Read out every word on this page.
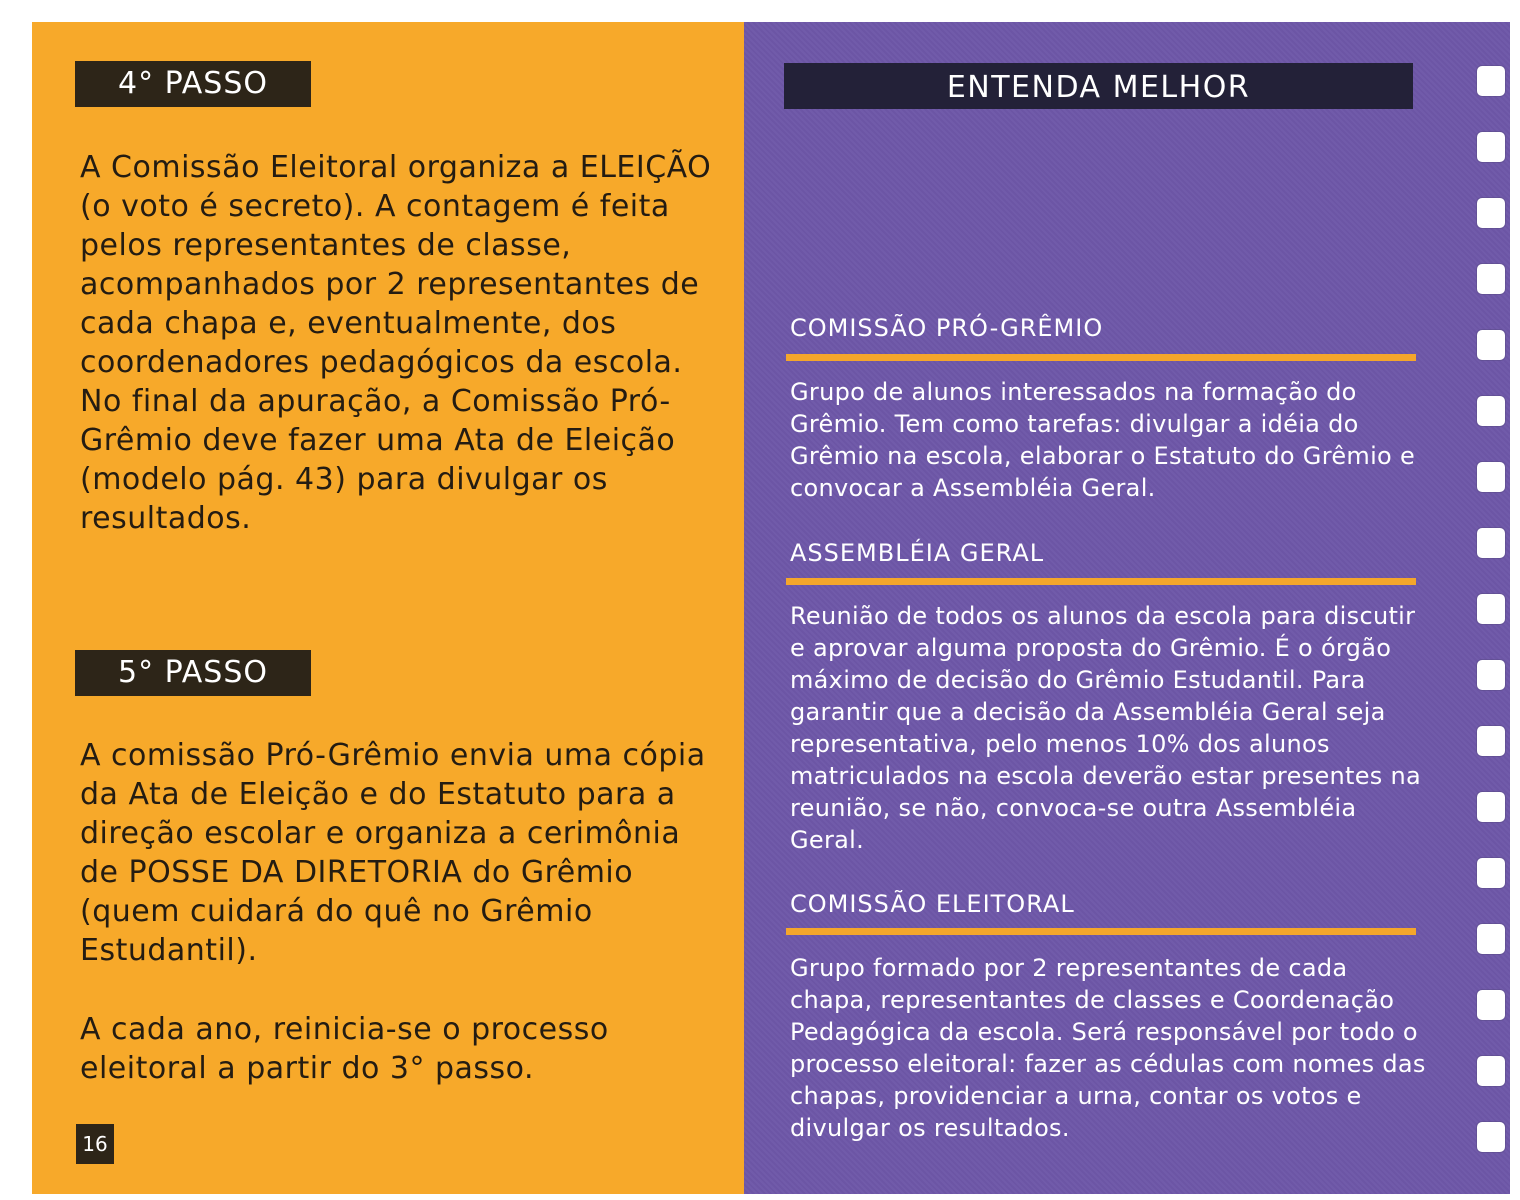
4° PASSO
A Comissão Eleitoral organiza a ELEIÇÃO (o voto é secreto). A contagem é feita pelos representantes de classe, acompanhados por 2 representantes de cada chapa e, eventualmente, dos coordenadores pedagógicos da escola. No final da apuração, a Comissão Pró-Grêmio deve fazer uma Ata de Eleição (modelo pág. 43) para divulgar os resultados.
5° PASSO
A comissão Pró-Grêmio envia uma cópia da Ata de Eleição e do Estatuto para a direção escolar e organiza a cerimônia de POSSE DA DIRETORIA do Grêmio (quem cuidará do quê no Grêmio Estudantil).
A cada ano, reinicia-se o processo eleitoral a partir do 3° passo.
16
ENTENDA MELHOR
COMISSÃO PRÓ-GRÊMIO
Grupo de alunos interessados na formação do Grêmio. Tem como tarefas: divulgar a idéia do Grêmio na escola, elaborar o Estatuto do Grêmio e convocar a Assembléia Geral.
ASSEMBLÉIA GERAL
Reunião de todos os alunos da escola para discutir e aprovar alguma proposta do Grêmio. É o órgão máximo de decisão do Grêmio Estudantil. Para garantir que a decisão da Assembléia Geral seja representativa, pelo menos 10% dos alunos matriculados na escola deverão estar presentes na reunião, se não, convoca-se outra Assembléia Geral.
COMISSÃO ELEITORAL
Grupo formado por 2 representantes de cada chapa, representantes de classes e Coordenação Pedagógica da escola. Será responsável por todo o processo eleitoral: fazer as cédulas com nomes das chapas, providenciar a urna, contar os votos e divulgar os resultados.
